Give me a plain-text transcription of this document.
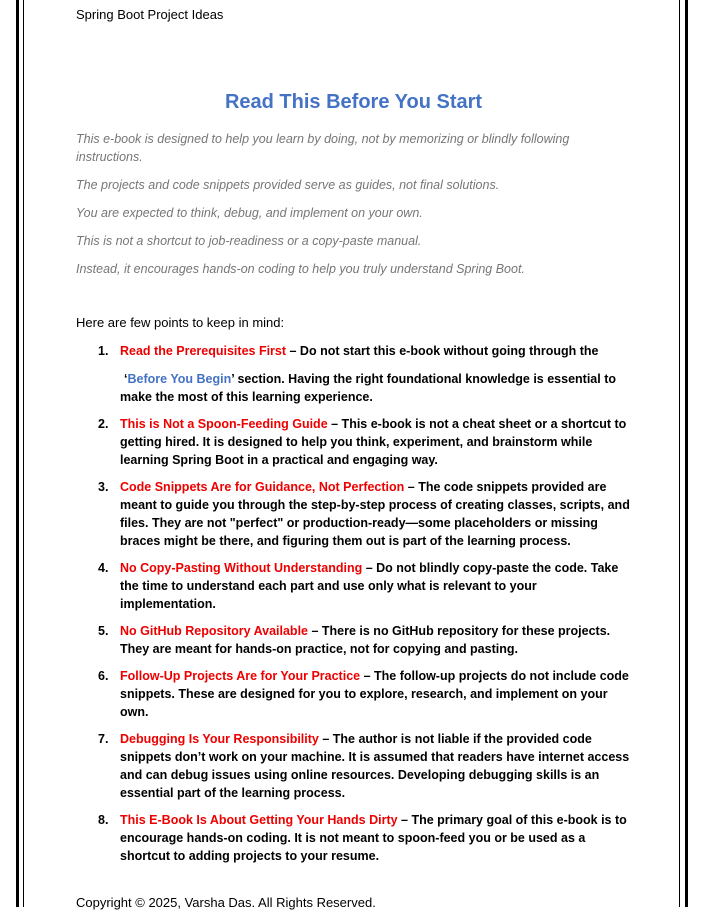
Spring Boot Project Ideas
Read This Before You Start

This e-book is designed to help you learn by doing, not by memorizing or blindly following instructions.

The projects and code snippets provided serve as guides, not final solutions.

You are expected to think, debug, and implement on your own.

This is not a shortcut to job-readiness or a copy-paste manual.

Instead, it encourages hands-on coding to help you truly understand Spring Boot.

Here are few points to keep in mind:
1. Read the Prerequisites First – Do not start this e-book without going through the
‘Before You Begin’ section. Having the right foundational knowledge is essential to make the most of this learning experience.
2. This is Not a Spoon-Feeding Guide – This e-book is not a cheat sheet or a shortcut to getting hired. It is designed to help you think, experiment, and brainstorm while learning Spring Boot in a practical and engaging way.
3. Code Snippets Are for Guidance, Not Perfection – The code snippets provided are meant to guide you through the step-by-step process of creating classes, scripts, and files. They are not "perfect" or production-ready—some placeholders or missing braces might be there, and figuring them out is part of the learning process.
4. No Copy-Pasting Without Understanding – Do not blindly copy-paste the code. Take the time to understand each part and use only what is relevant to your implementation.
5. No GitHub Repository Available – There is no GitHub repository for these projects. They are meant for hands-on practice, not for copying and pasting.
6. Follow-Up Projects Are for Your Practice – The follow-up projects do not include code snippets. These are designed for you to explore, research, and implement on your own.
7. Debugging Is Your Responsibility – The author is not liable if the provided code snippets don’t work on your machine. It is assumed that readers have internet access and can debug issues using online resources. Developing debugging skills is an essential part of the learning process.
8. This E-Book Is About Getting Your Hands Dirty – The primary goal of this e-book is to encourage hands-on coding. It is not meant to spoon-feed you or be used as a shortcut to adding projects to your resume.
Copyright © 2025, Varsha Das. All Rights Reserved.
